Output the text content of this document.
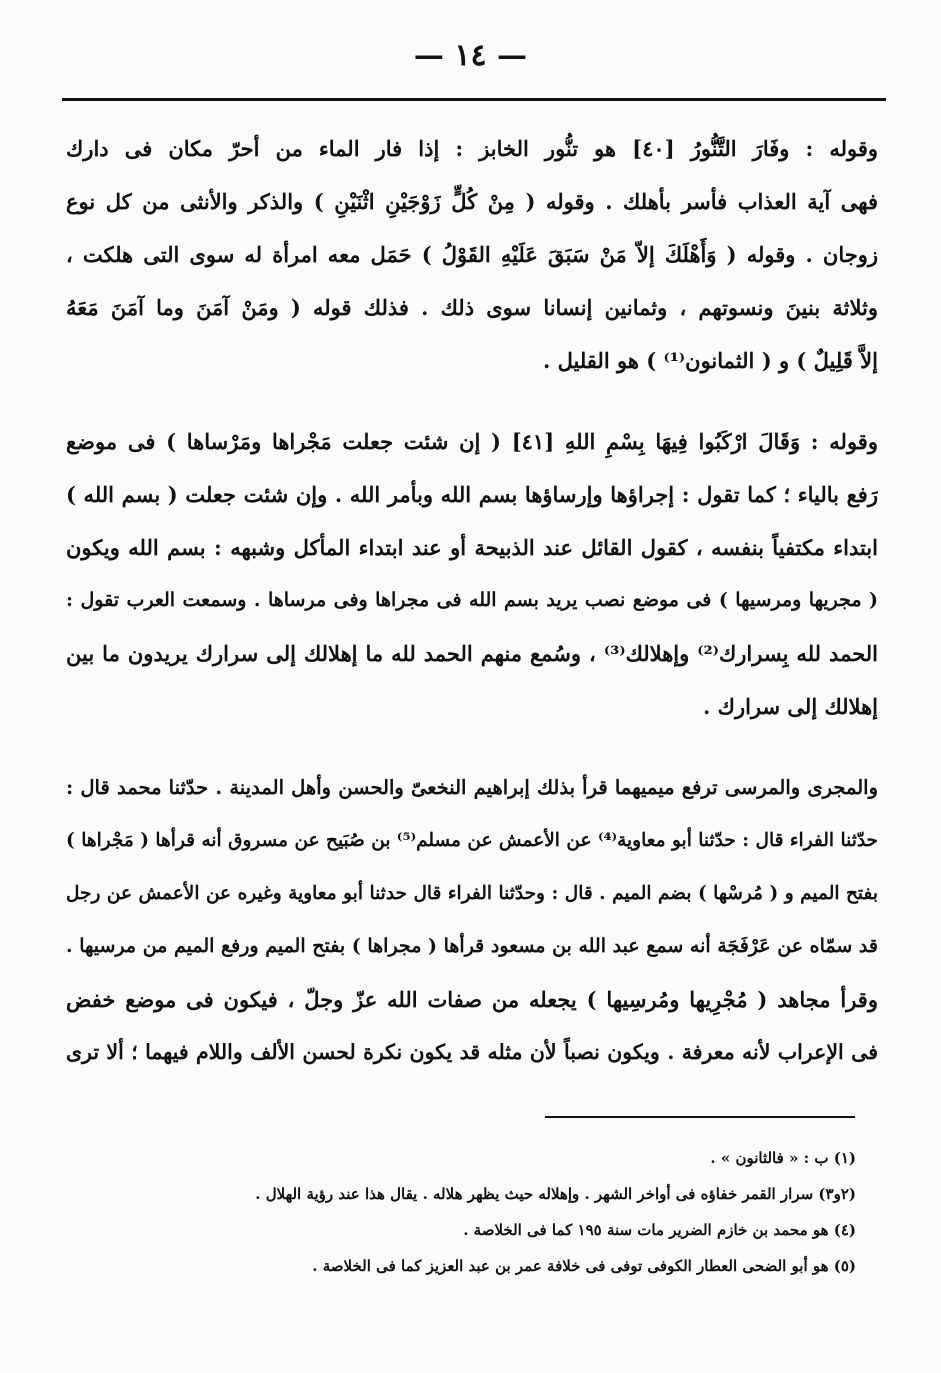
— ١٤ —
وقوله : وفَارَ التَّنُّورُ [٤٠] هو تنُّور الخابز : إذا فار الماء من أحرّ مكان فى دارك
فهى آية العذاب فأسر بأهلك . وقوله ( مِنْ كُلٍّ زَوْجَيْنِ اثْنَيْنِ ) والذكر والأنثى من كل نوع
زوجان . وقوله ( وَأَهْلَكَ إلاّ مَنْ سَبَقَ عَلَيْهِ القَوْلُ ) حَمَل معه امرأة له سوى التى هلكت ،
وثلاثة بنينَ ونسوتهم ، وثمانين إنسانا سوى ذلك . فذلك قوله ( ومَنْ آمَنَ وما آمَنَ مَعَهُ
إلاَّ قَلِيلٌ ) و ( الثمانون⁽¹⁾ ) هو القليل .
وقوله : وَقَالَ ارْكَبُوا فِيهَا بِسْمِ اللهِ [٤١] ( إن شئت جعلت مَجْراها ومَرْساها ) فى موضع
رَفع بالياء ؛ كما تقول : إجراؤها وإرساؤها بسم الله وبأمر الله . وإن شئت جعلت ( بسم الله )
ابتداء مكتفياً بنفسه ، كقول القائل عند الذبيحة أو عند ابتداء المأكل وشبهه : بسم الله ويكون
( مجريها ومرسيها ) فى موضع نصب يريد بسم الله فى مجراها وفى مرساها . وسمعت العرب تقول :
الحمد لله بِسرارك⁽²⁾ وإهلالك⁽³⁾ ، وسُمع منهم الحمد لله ما إهلالك إلى سرارك يريدون ما بين
إهلالك إلى سرارك .
والمجرى والمرسى ترفع ميميهما قرأ بذلك إبراهيم النخعىّ والحسن وأهل المدينة . حدّثنا محمد قال :
حدّثنا الفراء قال : حدّثنا أبو معاوية⁽⁴⁾ عن الأعمش عن مسلم⁽⁵⁾ بن صُبَيح عن مسروق أنه قرأها ( مَجْراها )
بفتح الميم و ( مُرسْها ) بضم الميم . قال : وحدّثنا الفراء قال حدثنا أبو معاوية وغيره عن الأعمش عن رجل
قد سمّاه عن عَرْفَجَة أنه سمع عبد الله بن مسعود قرأها ( مجراها ) بفتح الميم ورفع الميم من مرسيها .
وقرأ مجاهد ( مُجْرِيها ومُرسِيها ) يجعله من صفات الله عزّ وجلّ ، فيكون فى موضع خفض
فى الإعراب لأنه معرفة . ويكون نصباً لأن مثله قد يكون نكرة لحسن الألف واللام فيهما ؛ ألا ترى
(١) ب : « فالثانون » .
(٢و٣) سرار القمر خفاؤه فى أواخر الشهر . وإهلاله حيث يظهر هلاله . يقال هذا عند رؤية الهلال .
(٤) هو محمد بن خازم الضرير مات سنة ١٩٥ كما فى الخلاصة .
(٥) هو أبو الضحى العطار الكوفى توفى فى خلافة عمر بن عبد العزيز كما فى الخلاصة .
